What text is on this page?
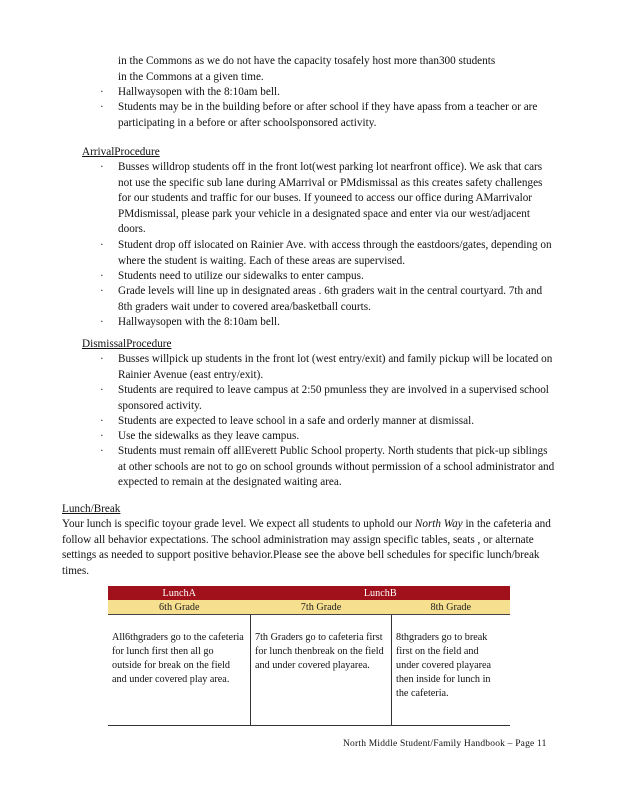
in the Commons as we do not have the capacity tosafely host more than300 students
in the Commons at a given time.
·	Hallwaysopen with the 8:10am bell.
·	Students may be in the building before or after school if they have apass from a teacher or are participating in a before or after schoolsponsored activity.
ArrivalProcedure
·	Busses willdrop students off in the front lot(west parking lot nearfront office). We ask that cars not use the specific sub lane during AMarrival or PMdismissal as this creates safety challenges for our students and traffic for our buses. If youneed to access our office during AMarrivalor PMdismissal, please park your vehicle in a designated space and enter via our west/adjacent doors.
·	Student drop off islocated on Rainier Ave. with access through the eastdoors/gates, depending on where the student is waiting. Each of these areas are supervised.
·	Students need to utilize our sidewalks to enter campus.
·	Grade levels will line up in designated areas . 6th graders wait in the central courtyard. 7th and 8th graders wait under to covered area/basketball courts.
·	Hallwaysopen with the 8:10am bell.
DismissalProcedure
·	Busses willpick up students in the front lot (west entry/exit) and family pickup will be located on Rainier Avenue (east entry/exit).
·	Students are required to leave campus at 2:50 pmunless they are involved in a supervised school sponsored activity.
·	Students are expected to leave school in a safe and orderly manner at dismissal.
·	Use the sidewalks as they leave campus.
·	Students must remain off allEverett Public School property. North students that pick-up siblings at other schools are not to go on school grounds without permission of a school administrator and expected to remain at the designated waiting area.
Lunch/Break
Your lunch is specific toyour grade level. We expect all students to uphold our North Way in the cafeteria and follow all behavior expectations. The school administration may assign specific tables, seats , or alternate settings as needed to support positive behavior.Please see the above bell schedules for specific lunch/break times.
LunchA	LunchB	
6th Grade	7th Grade	8th Grade
All6thgraders go to the cafeteria for lunch first then all go outside for break on the field and under covered play area.	7th Graders go to cafeteria first for lunch thenbreak on the field and under covered playarea.	8thgraders go to break first on the field and under covered playarea then inside for lunch in the cafeteria.
North Middle Student/Family Handbook – Page 11
